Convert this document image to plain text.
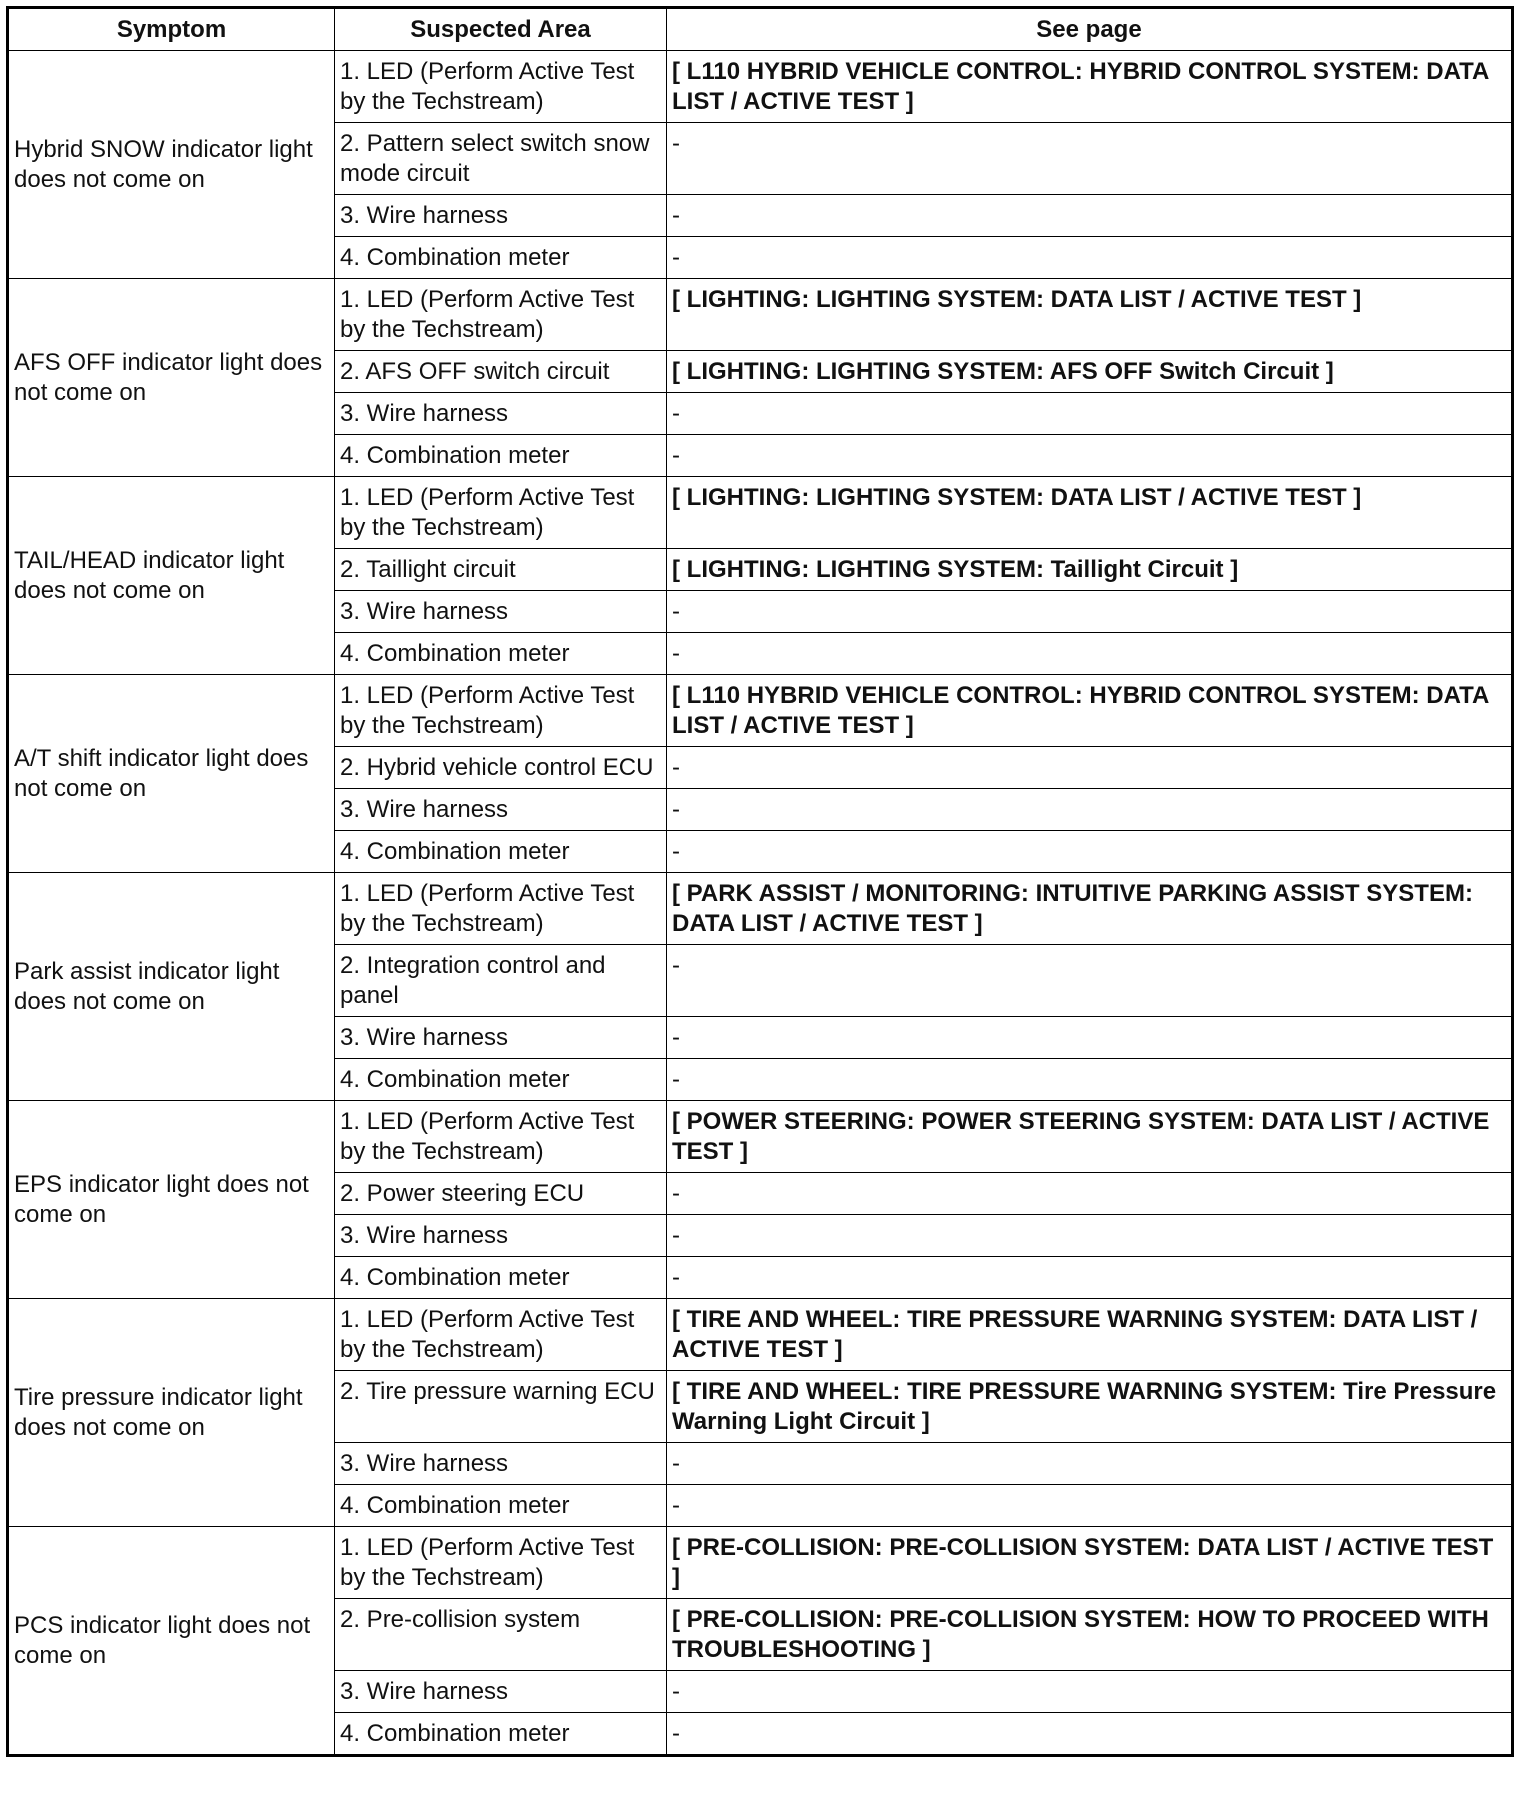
Symptom	Suspected Area	See page
Hybrid SNOW indicator light does not come on	1. LED (Perform Active Test by the Techstream)	[ L110 HYBRID VEHICLE CONTROL: HYBRID CONTROL SYSTEM: DATA LIST / ACTIVE TEST ]
	2. Pattern select switch snow mode circuit	-
	3. Wire harness	-
	4. Combination meter	-
AFS OFF indicator light does not come on	1. LED (Perform Active Test by the Techstream)	[ LIGHTING: LIGHTING SYSTEM: DATA LIST / ACTIVE TEST ]
	2. AFS OFF switch circuit	[ LIGHTING: LIGHTING SYSTEM: AFS OFF Switch Circuit ]
	3. Wire harness	-
	4. Combination meter	-
TAIL/HEAD indicator light does not come on	1. LED (Perform Active Test by the Techstream)	[ LIGHTING: LIGHTING SYSTEM: DATA LIST / ACTIVE TEST ]
	2. Taillight circuit	[ LIGHTING: LIGHTING SYSTEM: Taillight Circuit ]
	3. Wire harness	-
	4. Combination meter	-
A/T shift indicator light does not come on	1. LED (Perform Active Test by the Techstream)	[ L110 HYBRID VEHICLE CONTROL: HYBRID CONTROL SYSTEM: DATA LIST / ACTIVE TEST ]
	2. Hybrid vehicle control ECU	-
	3. Wire harness	-
	4. Combination meter	-
Park assist indicator light does not come on	1. LED (Perform Active Test by the Techstream)	[ PARK ASSIST / MONITORING: INTUITIVE PARKING ASSIST SYSTEM: DATA LIST / ACTIVE TEST ]
	2. Integration control and panel	-
	3. Wire harness	-
	4. Combination meter	-
EPS indicator light does not come on	1. LED (Perform Active Test by the Techstream)	[ POWER STEERING: POWER STEERING SYSTEM: DATA LIST / ACTIVE TEST ]
	2. Power steering ECU	-
	3. Wire harness	-
	4. Combination meter	-
Tire pressure indicator light does not come on	1. LED (Perform Active Test by the Techstream)	[ TIRE AND WHEEL: TIRE PRESSURE WARNING SYSTEM: DATA LIST / ACTIVE TEST ]
	2. Tire pressure warning ECU	[ TIRE AND WHEEL: TIRE PRESSURE WARNING SYSTEM: Tire Pressure Warning Light Circuit ]
	3. Wire harness	-
	4. Combination meter	-
PCS indicator light does not come on	1. LED (Perform Active Test by the Techstream)	[ PRE-COLLISION: PRE-COLLISION SYSTEM: DATA LIST / ACTIVE TEST ]
	2. Pre-collision system	[ PRE-COLLISION: PRE-COLLISION SYSTEM: HOW TO PROCEED WITH TROUBLESHOOTING ]
	3. Wire harness	-
	4. Combination meter	-
